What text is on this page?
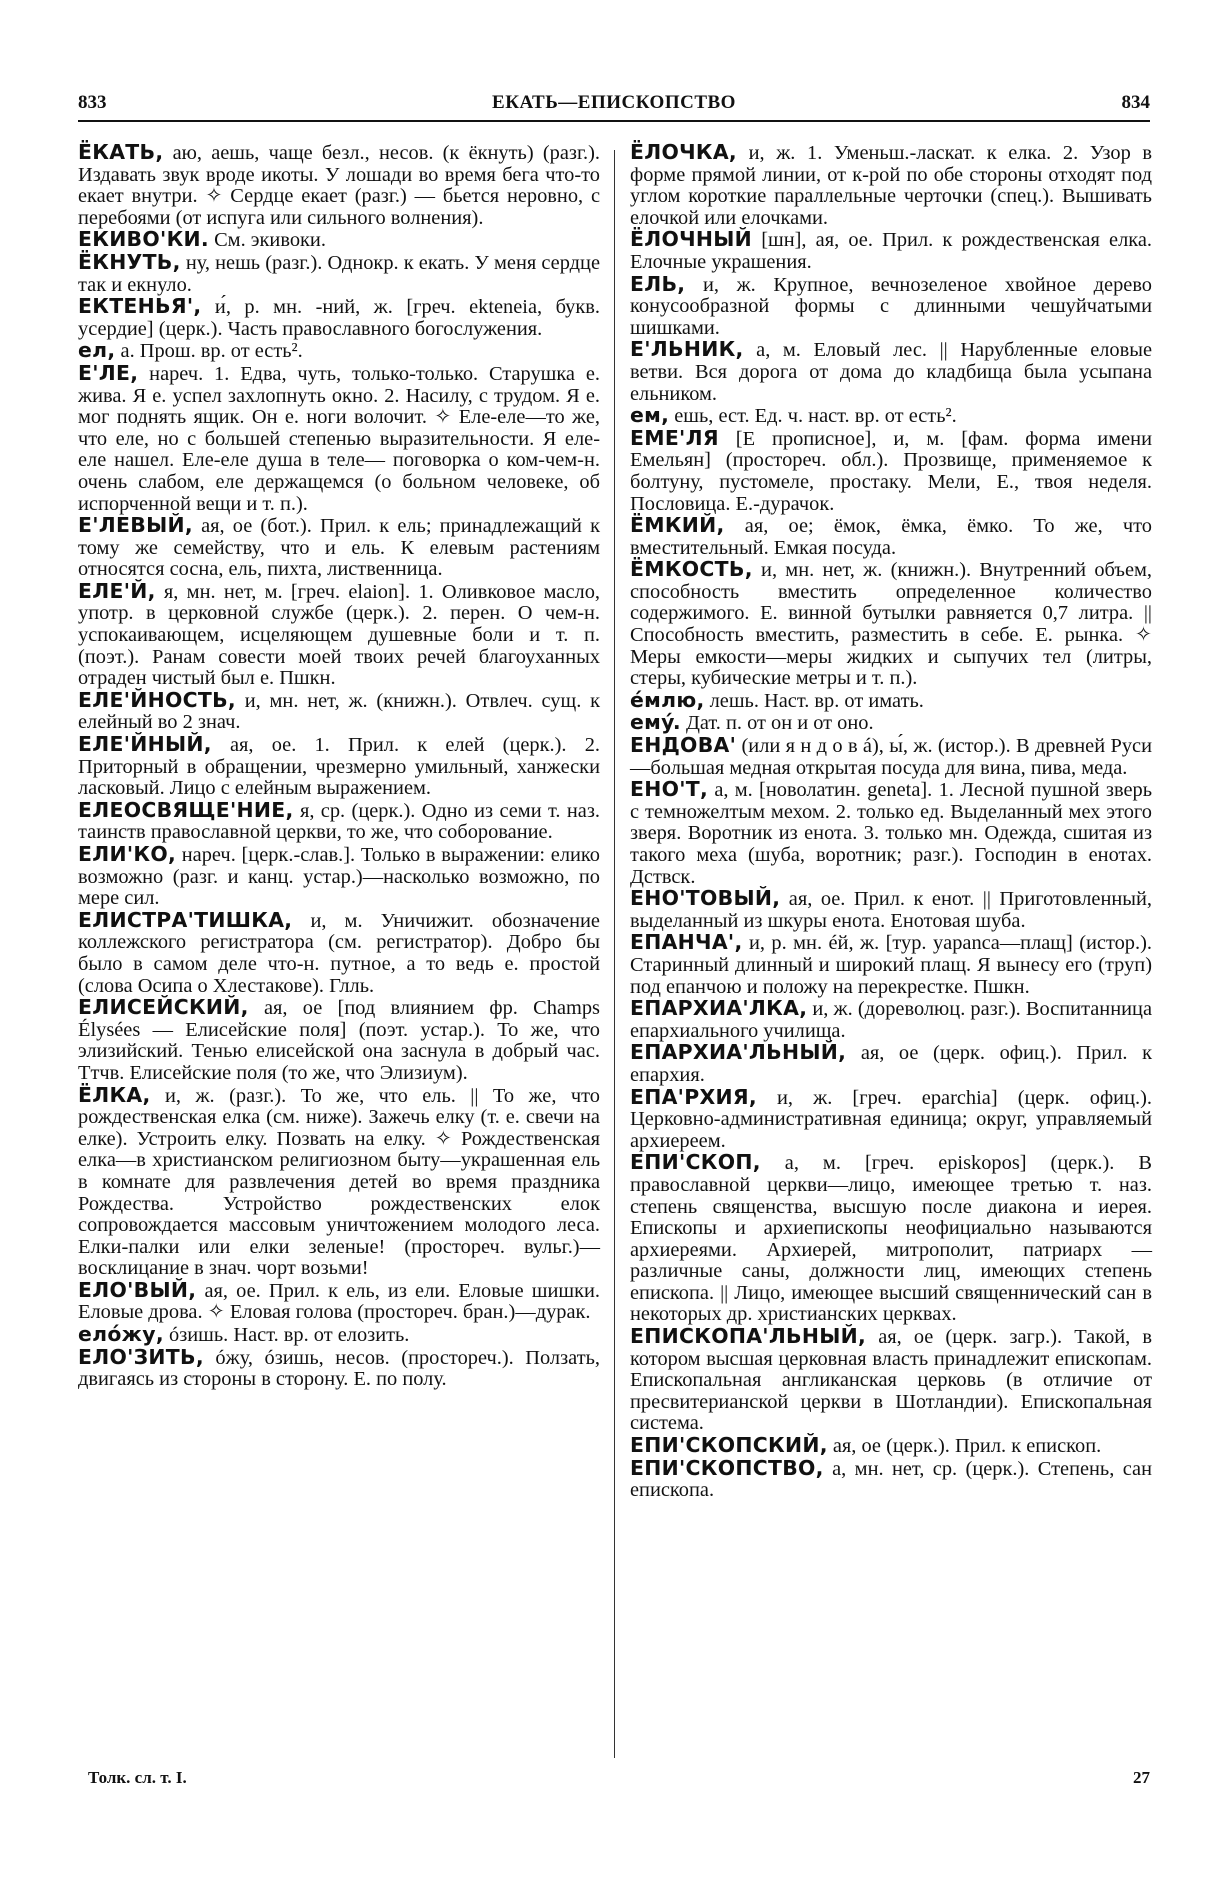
833	ЕКАТЬ—ЕПИСКОПСТВО	834

ЁКАТЬ, аю, аешь, чаще безл., несов. (к ёкнуть) (разг.). Издавать звук вроде икоты. У лошади во время бега что-то екает внутри. ✧ Сердце екает (разг.) — бьется неровно, с перебоями (от испуга или сильного волнения).

ЕКИВО'КИ. См. экивоки.

ЁКНУТЬ, ну, нешь (разг.). Однокр. к екать. У меня сердце так и екнуло.

ЕКТЕНЬЯ', и́, р. мн. -ний, ж. [греч. ekteneia, букв. усердие] (церк.). Часть православного богослужения.

ел, а. Прош. вр. от есть².

Е'ЛЕ, нареч. 1. Едва, чуть, только-только. Старушка е. жива. Я е. успел захлопнуть окно. 2. Насилу, с трудом. Я е. мог поднять ящик. Он е. ноги волочит. ✧ Еле-еле—то же, что еле, но с большей степенью выразительности. Я еле-еле нашел. Еле-еле душа в теле— поговорка о ком-чем-н. очень слабом, еле держащемся (о больном человеке, об испорченной вещи и т. п.).

Е'ЛЕВЫЙ, ая, ое (бот.). Прил. к ель; принадлежащий к тому же семейству, что и ель. К елевым растениям относятся сосна, ель, пихта, лиственница.

ЕЛЕ'Й, я, мн. нет, м. [греч. elaion]. 1. Оливковое масло, употр. в церковной службе (церк.). 2. перен. О чем-н. успокаивающем, исцеляющем душевные боли и т. п. (поэт.). Ранам совести моей твоих речей благоуханных отраден чистый был е. Пшкн.

ЕЛЕ'ЙНОСТЬ, и, мн. нет, ж. (книжн.). Отвлеч. сущ. к елейный во 2 знач.

ЕЛЕ'ЙНЫЙ, ая, ое. 1. Прил. к елей (церк.). 2. Приторный в обращении, чрезмерно умильный, ханжески ласковый. Лицо с елейным выражением.

ЕЛЕОСВЯЩЕ'НИЕ, я, ср. (церк.). Одно из семи т. наз. таинств православной церкви, то же, что соборование.

ЕЛИ'КО, нареч. [церк.-слав.]. Только в выражении: елико возможно (разг. и канц. устар.)—насколько возможно, по мере сил.

ЕЛИСТРА'ТИШКА, и, м. Уничижит. обозначение коллежского регистратора (см. регистратор). Добро бы было в самом деле что-н. путное, а то ведь е. простой (слова Осипа о Хлестакове). Глль.

ЕЛИСЕЙСКИЙ, ая, ое [под влиянием фр. Champs Élysées — Елисейские поля] (поэт. устар.). То же, что элизийский. Тенью елисейской она заснула в добрый час. Ттчв. Елисейские поля (то же, что Элизиум).

ЁЛКА, и, ж. (разг.). То же, что ель. || То же, что рождественская елка (см. ниже). Зажечь елку (т. е. свечи на елке). Устроить елку. Позвать на елку. ✧ Рождественская елка—в христианском религиозном быту—украшенная ель в комнате для развлечения детей во время праздника Рождества. Устройство рождественских елок сопровождается массовым уничтожением молодого леса. Елки-палки или елки зеленые! (простореч. вульг.)— восклицание в знач. чорт возьми!

ЕЛО'ВЫЙ, ая, ое. Прил. к ель, из ели. Еловые шишки. Еловые дрова. ✧ Еловая голова (простореч. бран.)—дурак.

елóжу, óзишь. Наст. вр. от елозить.

ЕЛО'ЗИТЬ, óжу, óзишь, несов. (простореч.). Ползать, двигаясь из стороны в сторону. Е. по полу.

ЁЛОЧКА, и, ж. 1. Уменьш.-ласкат. к елка. 2. Узор в форме прямой линии, от к-рой по обе стороны отходят под углом короткие параллельные черточки (спец.). Вышивать елочкой или елочками.

ЁЛОЧНЫЙ [шн], ая, ое. Прил. к рождественская елка. Елочные украшения.

ЕЛЬ, и, ж. Крупное, вечнозеленое хвойное дерево конусообразной формы с длинными чешуйчатыми шишками.

Е'ЛЬНИК, а, м. Еловый лес. || Нарубленные еловые ветви. Вся дорога от дома до кладбища была усыпана ельником.

ем, ешь, ест. Ед. ч. наст. вр. от есть².

ЕМЕ'ЛЯ [Е прописное], и, м. [фам. форма имени Емельян] (простореч. обл.). Прозвище, применяемое к болтуну, пустомеле, простаку. Мели, Е., твоя неделя. Пословица. Е.-дурачок.

ЁМКИЙ, ая, ое; ёмок, ёмка, ёмко. То же, что вместительный. Емкая посуда.

ЁМКОСТЬ, и, мн. нет, ж. (книжн.). Внутренний объем, способность вместить определенное количество содержимого. Е. винной бутылки равняется 0,7 литра. || Способность вместить, разместить в себе. Е. рынка. ✧ Меры емкости—меры жидких и сыпучих тел (литры, стеры, кубические метры и т. п.).

éмлю, лешь. Наст. вр. от имать.

емý. Дат. п. от он и от оно.

ЕНДОВА' (или я н д о в á), ы́, ж. (истор.). В древней Руси—большая медная открытая посуда для вина, пива, меда.

ЕНО'Т, а, м. [новолатин. geneta]. 1. Лесной пушной зверь с темножелтым мехом. 2. только ед. Выделанный мех этого зверя. Воротник из енота. 3. только мн. Одежда, сшитая из такого меха (шуба, воротник; разг.). Господин в енотах. Дствск.

ЕНО'ТОВЫЙ, ая, ое. Прил. к енот. || Приготовленный, выделанный из шкуры енота. Енотовая шуба.

ЕПАНЧА', и, р. мн. éй, ж. [тур. yapanca—плащ] (истор.). Старинный длинный и широкий плащ. Я вынесу его (труп) под епанчою и положу на перекрестке. Пшкн.

ЕПАРХИА'ЛКА, и, ж. (дореволюц. разг.). Воспитанница епархиального училища.

ЕПАРХИА'ЛЬНЫЙ, ая, ое (церк. офиц.). Прил. к епархия.

ЕПА'РХИЯ, и, ж. [греч. eparchia] (церк. офиц.). Церковно-административная единица; округ, управляемый архиереем.

ЕПИ'СКОП, а, м. [греч. episkopos] (церк.). В православной церкви—лицо, имеющее третью т. наз. степень священства, высшую после диакона и иерея. Епископы и архиепископы неофициально называются архиереями. Архиерей, митрополит, патриарх — различные саны, должности лиц, имеющих степень епископа. || Лицо, имеющее высший священнический сан в некоторых др. христианских церквах.

ЕПИСКОПА'ЛЬНЫЙ, ая, ое (церк. загр.). Такой, в котором высшая церковная власть принадлежит епископам. Епископальная англиканская церковь (в отличие от пресвитерианской церкви в Шотландии). Епископальная система.

ЕПИ'СКОПСКИЙ, ая, ое (церк.). Прил. к епископ.

ЕПИ'СКОПСТВО, а, мн. нет, ср. (церк.). Степень, сан епископа.

Толк. сл. т. I.	27
